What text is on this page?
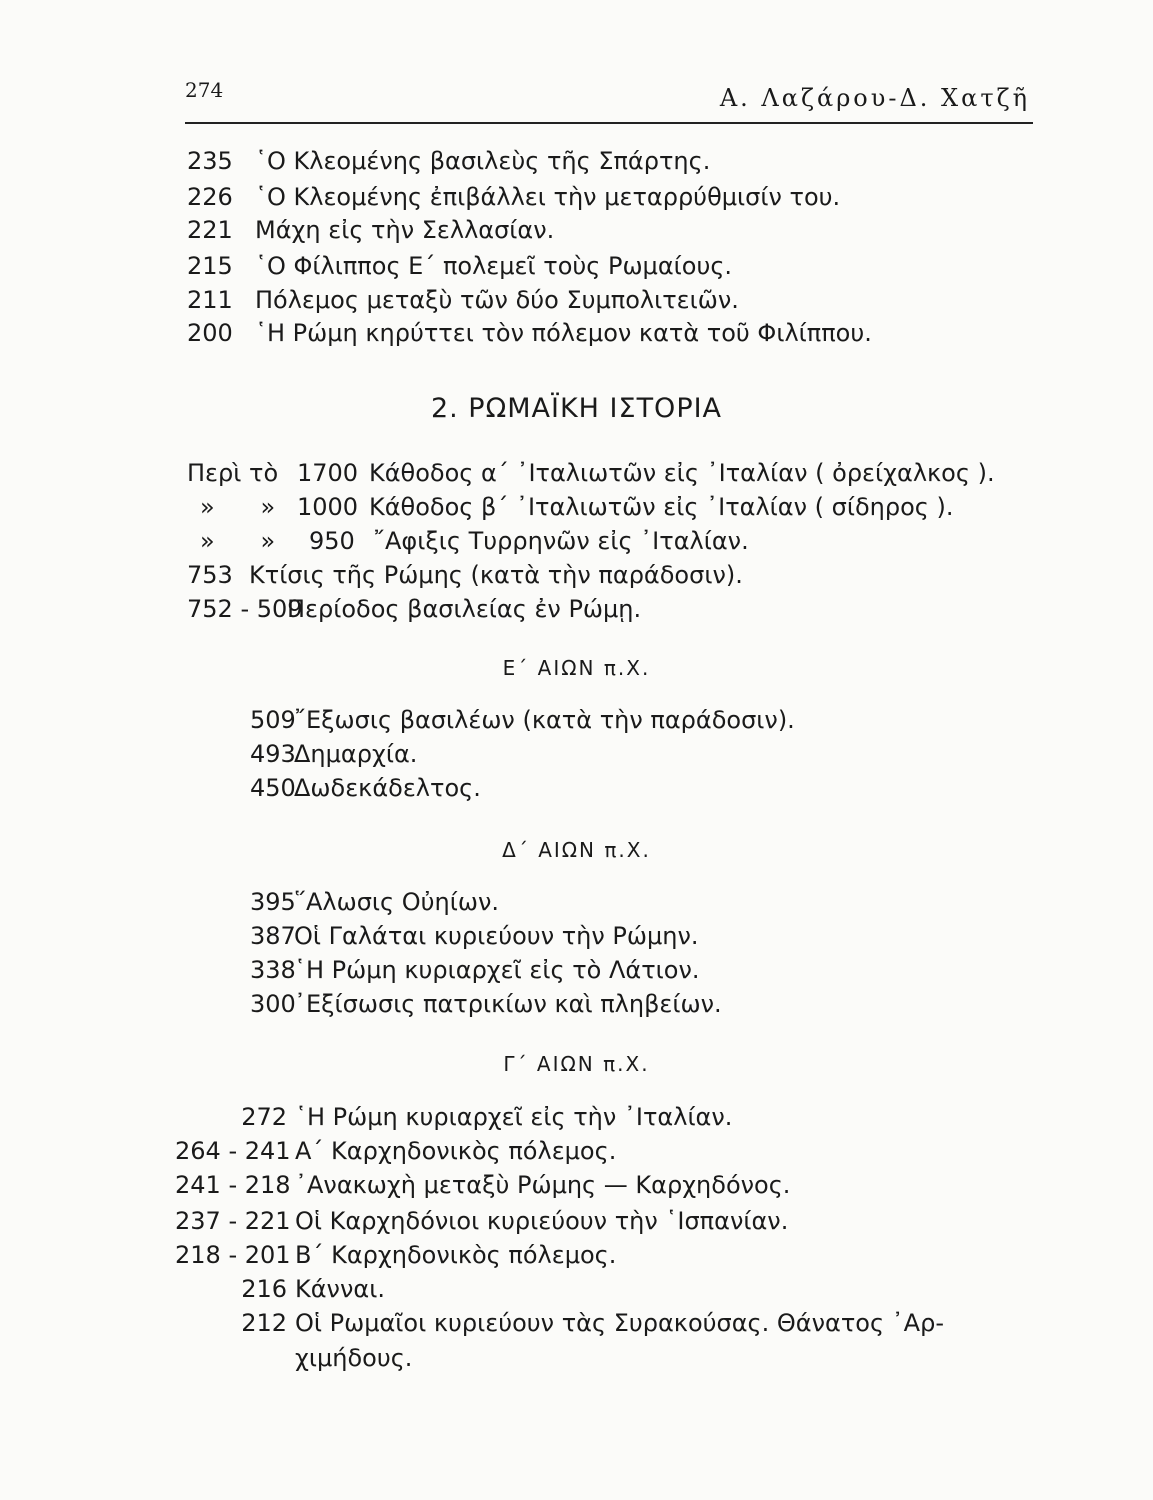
274	Α. Λαζάρου-Δ. Χατζῆ
235 ῾Ο Κλεομένης βασιλεὺς τῆς Σπάρτης.
226 ῾Ο Κλεομένης ἐπιβάλλει τὴν μεταρρύθμισίν του.
221 Μάχη εἰς τὴν Σελλασίαν.
215 ῾Ο Φίλιππος Ε΄ πολεμεῖ τοὺς Ρωμαίους.
211 Πόλεμος μεταξὺ τῶν δύο Συμπολιτειῶν.
200 ῾Η Ρώμη κηρύττει τὸν πόλεμον κατὰ τοῦ Φιλίππου.
2. ΡΩΜΑΪΚΗ ΙΣΤΟΡΙΑ
Περὶ τὸ 1700 Κάθοδος α΄ ᾽Ιταλιωτῶν εἰς ᾽Ιταλίαν ( ὀρείχαλκος ).
»      » 1000 Κάθοδος β΄ ᾽Ιταλιωτῶν εἰς ᾽Ιταλίαν ( σίδηρος ).
»      » 950 ῎Αφιξις Τυρρηνῶν εἰς ᾽Ιταλίαν.
753 Κτίσις τῆς Ρώμης (κατὰ τὴν παράδοσιν).
752 - 509Περίοδος βασιλείας ἐν Ρώμῃ.
Ε΄ ΑΙΩΝ π.Χ.
509῎Εξωσις βασιλέων (κατὰ τὴν παράδοσιν).
493Δημαρχία.
450Δωδεκάδελτος.
Δ΄ ΑΙΩΝ π.Χ.
395῞Αλωσις Οὐηίων.
387Οἱ Γαλάται κυριεύουν τὴν Ρώμην.
338῾Η Ρώμη κυριαρχεῖ εἰς τὸ Λάτιον.
300᾽Εξίσωσις πατρικίων καὶ πληβείων.
Γ΄ ΑΙΩΝ π.Χ.
272 ῾Η Ρώμη κυριαρχεῖ εἰς τὴν ᾽Ιταλίαν.
264 - 241 Α΄ Καρχηδονικὸς πόλεμος.
241 - 218 ᾽Ανακωχὴ μεταξὺ Ρώμης — Καρχηδόνος.
237 - 221 Οἱ Καρχηδόνιοι κυριεύουν τὴν ῾Ισπανίαν.
218 - 201 Β΄ Καρχηδονικὸς πόλεμος.
216 Κάνναι.
212 Οἱ Ρωμαῖοι κυριεύουν τὰς Συρακούσας. Θάνατος ᾽Αρ-
χιμήδους.
